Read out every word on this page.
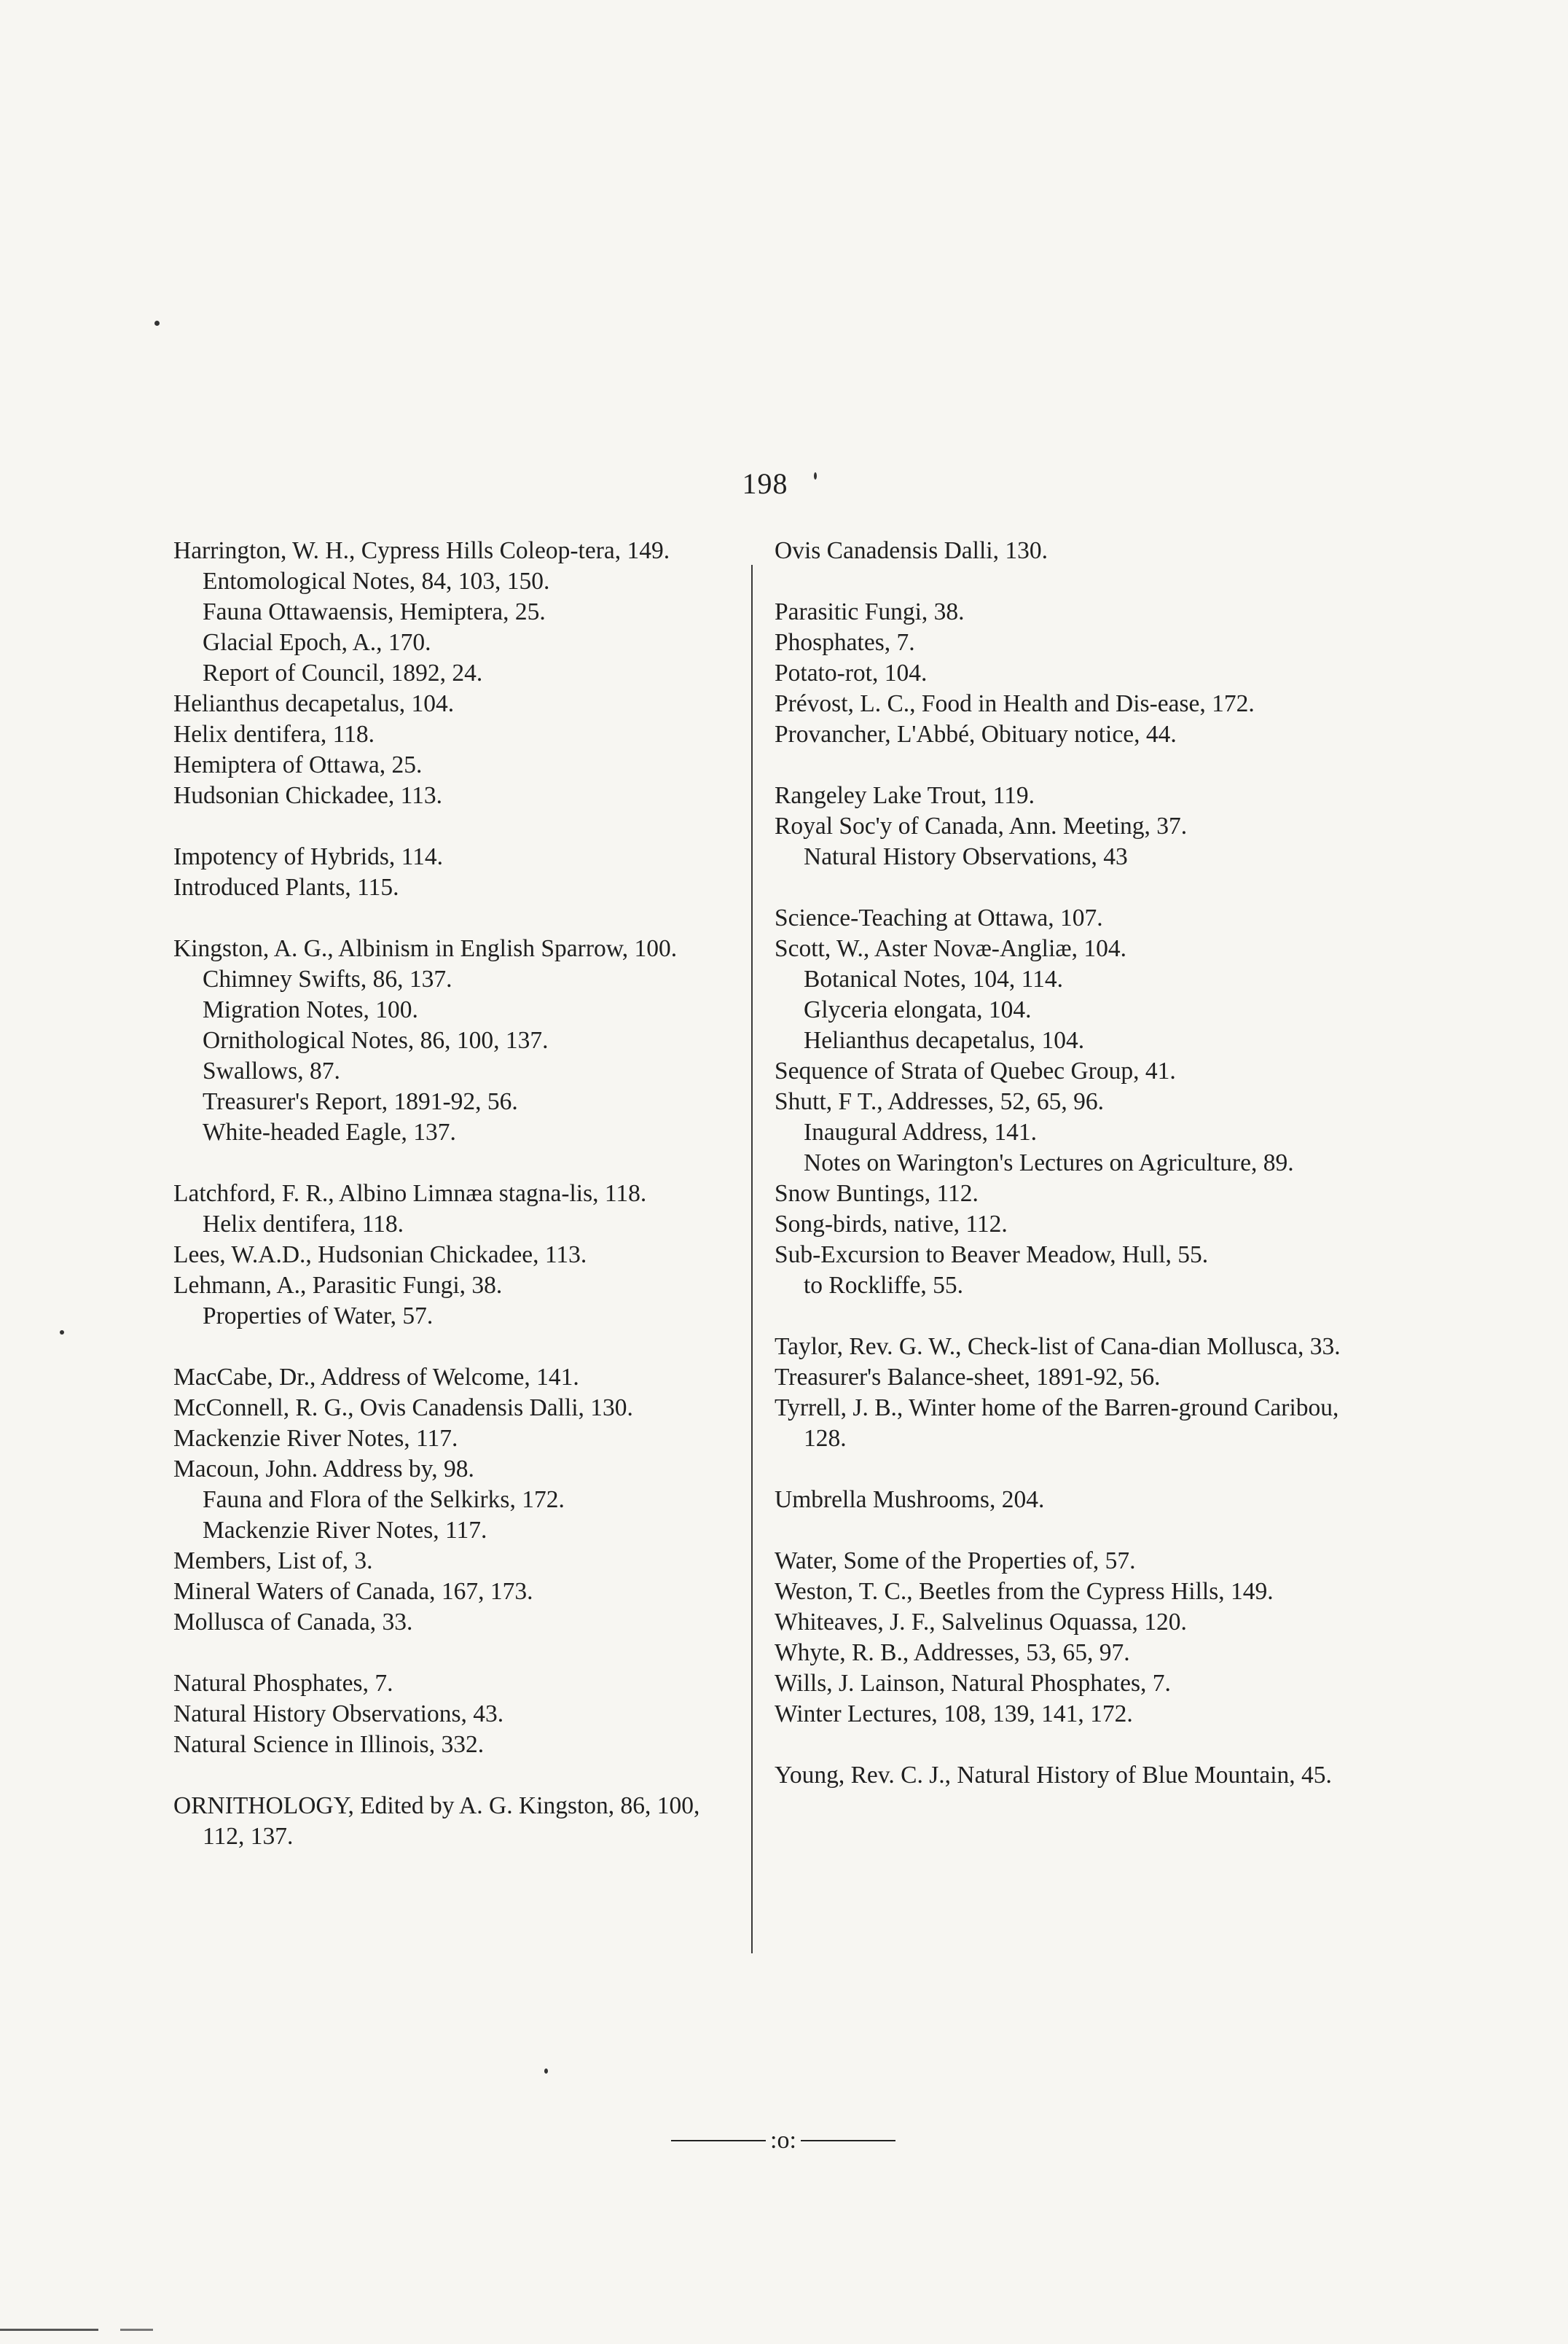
198
Harrington, W. H., Cypress Hills Coleop-tera, 149.
Entomological Notes, 84, 103, 150.
Fauna Ottawaensis, Hemiptera, 25.
Glacial Epoch, A., 170.
Report of Council, 1892, 24.
Helianthus decapetalus, 104.
Helix dentifera, 118.
Hemiptera of Ottawa, 25.
Hudsonian Chickadee, 113.
Impotency of Hybrids, 114.
Introduced Plants, 115.
Kingston, A. G., Albinism in English Sparrow, 100.
Chimney Swifts, 86, 137.
Migration Notes, 100.
Ornithological Notes, 86, 100, 137.
Swallows, 87.
Treasurer's Report, 1891-92, 56.
White-headed Eagle, 137.
Latchford, F. R., Albino Limnæa stagna-lis, 118.
Helix dentifera, 118.
Lees, W.A.D., Hudsonian Chickadee, 113.
Lehmann, A., Parasitic Fungi, 38.
Properties of Water, 57.
MacCabe, Dr., Address of Welcome, 141.
McConnell, R. G., Ovis Canadensis Dalli, 130.
Mackenzie River Notes, 117.
Macoun, John. Address by, 98.
Fauna and Flora of the Selkirks, 172.
Mackenzie River Notes, 117.
Members, List of, 3.
Mineral Waters of Canada, 167, 173.
Mollusca of Canada, 33.
Natural Phosphates, 7.
Natural History Observations, 43.
Natural Science in Illinois, 332.
ORNITHOLOGY, Edited by A. G. Kingston, 86, 100, 112, 137.
Ovis Canadensis Dalli, 130.
Parasitic Fungi, 38.
Phosphates, 7.
Potato-rot, 104.
Prévost, L. C., Food in Health and Dis-ease, 172.
Provancher, L'Abbé, Obituary notice, 44.
Rangeley Lake Trout, 119.
Royal Soc'y of Canada, Ann. Meeting, 37.
Natural History Observations, 43
Science-Teaching at Ottawa, 107.
Scott, W., Aster Novæ-Angliæ, 104.
Botanical Notes, 104, 114.
Glyceria elongata, 104.
Helianthus decapetalus, 104.
Sequence of Strata of Quebec Group, 41.
Shutt, F T., Addresses, 52, 65, 96.
Inaugural Address, 141.
Notes on Warington's Lectures on Agriculture, 89.
Snow Buntings, 112.
Song-birds, native, 112.
Sub-Excursion to Beaver Meadow, Hull, 55.
to Rockliffe, 55.
Taylor, Rev. G. W., Check-list of Cana-dian Mollusca, 33.
Treasurer's Balance-sheet, 1891-92, 56.
Tyrrell, J. B., Winter home of the Barren-ground Caribou, 128.
Umbrella Mushrooms, 204.
Water, Some of the Properties of, 57.
Weston, T. C., Beetles from the Cypress Hills, 149.
Whiteaves, J. F., Salvelinus Oquassa, 120.
Whyte, R. B., Addresses, 53, 65, 97.
Wills, J. Lainson, Natural Phosphates, 7.
Winter Lectures, 108, 139, 141, 172.
Young, Rev. C. J., Natural History of Blue Mountain, 45.
:o:
